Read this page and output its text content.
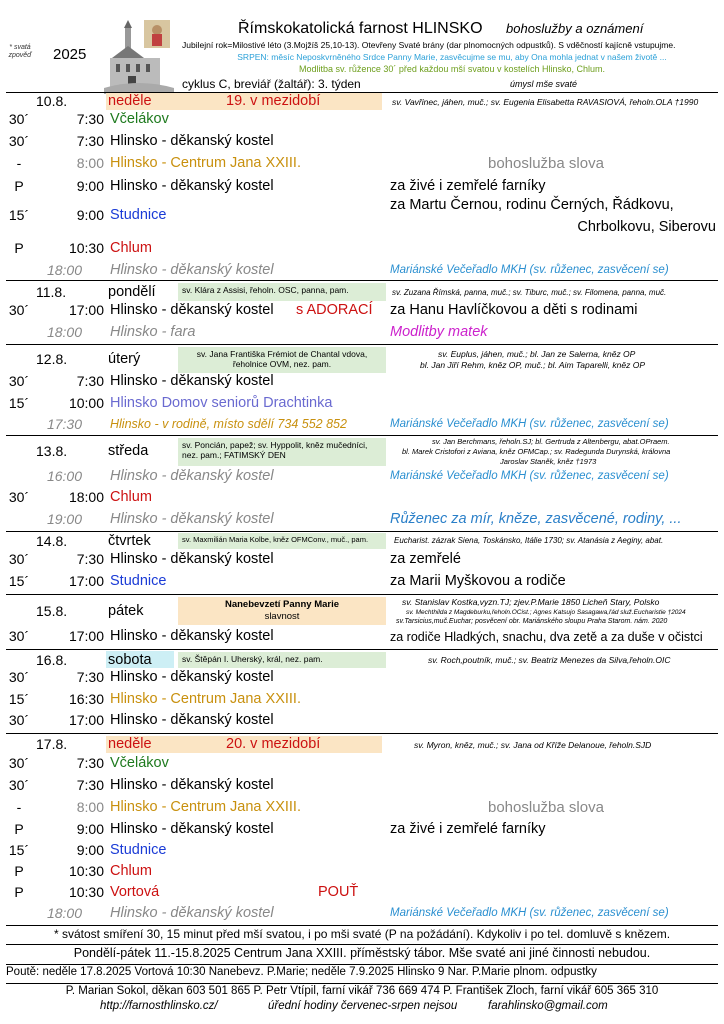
* svatá zpověď	2025
Římskokatolická farnost HLINSKO bohoslužby a oznámení
Jubilejní rok=Milostivé léto (3.Mojžíš 25,10-13). Otevřeny Svaté brány (dar plnomocných odpustků). S vděčností kajícně vstupujme.
SRPEN: měsíc Neposkvrněného Srdce Panny Marie, zasvěcujme se mu, aby Ona mohla jednat v našem životě ...
Modlitba sv. růžence 30´ před každou mší svatou v kostelích Hlinsko, Chlum.
cyklus C, breviář (žaltář): 3. týden	úmysl mše svaté
10.8.	neděle	19. v mezidobí	sv. Vavřinec, jáhen, muč.; sv. Eugenia Elisabetta RAVASIOVÁ, řeholn.OLA †1990
30´	7:30 Včelákov
30´	7:30 Hlinsko - děkanský kostel
-	8:00 Hlinsko - Centrum Jana XXIII.	bohoslužba slova
P	9:00 Hlinsko - děkanský kostel	za živé i zemřelé farníky
15´	9:00 Studnice
za Martu Černou, rodinu Černých, Řádkovu,
Chrbolkovu, Siberovu
P	10:30 Chlum
18:00 Hlinsko - děkanský kostel	Mariánské Večeřadlo MKH (sv. růženec, zasvěcení se)
11.8.	pondělí	sv. Klára z Assisi, řeholn. OSC, panna, pam.	sv. Zuzana Římská, panna, muč.; sv. Tiburc, muč.; sv. Filomena, panna, muč.
30´	17:00 Hlinsko - děkanský kostel s ADORACÍ za Hanu Havlíčkovou a děti s rodinami
18:00 Hlinsko - fara	Modlitby matek
12.8.	úterý	sv. Jana Františka Frémiot de Chantal vdova, řeholnice OVM, nez. pam.
sv. Euplus, jáhen, muč.; bl. Jan ze Salerna, kněz OP
bl. Jan Jiří Rehm, kněz OP, muč.; bl. Aim Taparelli, kněz OP
30´	7:30 Hlinsko - děkanský kostel
15´	10:00 Hlinsko Domov seniorů Drachtinka
17:30 Hlinsko - v rodině, místo sdělí 734 552 852	Mariánské Večeřadlo MKH (sv. růženec, zasvěcení se)
13.8.	středa	sv. Poncián, papež; sv. Hyppolit, kněz mučedníci, nez. pam.; FATIMSKÝ DEN
sv. Jan Berchmans, řeholn.SJ; bl. Gertruda z Altenbergu, abat.OPraem.
bl. Marek Cristofori z Aviana, kněz OFMCap.; sv. Radegunda Durynská, královna
Jaroslav Staněk, kněz †1973
16:00 Hlinsko - děkanský kostel	Mariánské Večeřadlo MKH (sv. růženec, zasvěcení se)
30´	18:00 Chlum
19:00 Hlinsko - děkanský kostel	Růženec za mír, kněze, zasvěcené, rodiny, ...
14.8.	čtvrtek	sv. Maxmilián Maria Kolbe, kněz OFMConv., muč., pam.	Eucharist. zázrak Siena, Toskánsko, Itálie 1730; sv. Atanásia z Aeginy, abat.
30´	7:30 Hlinsko - děkanský kostel	za zemřelé
15´	17:00 Studnice	za Marii Myškovou a rodiče
15.8.	pátek	Nanebevzetí Panny Marie
slavnost
sv. Stanislav Kostka,vyzn.TJ; zjev.P.Marie 1850 Licheň Stary, Polsko
sv. Mechthilda z Magdeburku,řeholn.OCist.; Agnes Katsujo Sasagawa,řád služ.Eucharistie †2024
sv.Tarsicius,muč.Euchar; posvěcení obr. Mariánského sloupu Praha Starom. nám. 2020
30´	17:00 Hlinsko - děkanský kostel	za rodiče Hladkých, snachu, dva zetě a za duše v očistci
16.8.	sobota	sv. Štěpán I. Uherský, král, nez. pam.	sv. Roch,poutník, muč.; sv. Beatriz Menezes da Silva,řeholn.OIC
30´	7:30 Hlinsko - děkanský kostel
15´	16:30 Hlinsko - Centrum Jana XXIII.
30´	17:00 Hlinsko - děkanský kostel
17.8.	neděle	20. v mezidobí	sv. Myron, kněz, muč.; sv. Jana od Kříže Delanoue, řeholn.SJD
30´	7:30 Včelákov
30´	7:30 Hlinsko - děkanský kostel
-	8:00 Hlinsko - Centrum Jana XXIII.	bohoslužba slova
P	9:00 Hlinsko - děkanský kostel	za živé i zemřelé farníky
15´	9:00 Studnice
P	10:30 Chlum
P	10:30 Vortová	POUŤ
18:00 Hlinsko - děkanský kostel	Mariánské Večeřadlo MKH (sv. růženec, zasvěcení se)
* svátost smíření 30, 15 minut před mší svatou, i po mši svaté (P na požádání). Kdykoliv i po tel. domluvě s knězem.
Pondělí-pátek 11.-15.8.2025 Centrum Jana XXIII. příměstský tábor. Mše svaté ani jiné činnosti nebudou.
Poutě: neděle 17.8.2025 Vortová 10:30 Nanebevz. P.Marie; neděle 7.9.2025 Hlinsko 9 Nar. P.Marie plnom. odpustky
P. Marian Sokol, děkan 603 501 865 P. Petr Vtípil, farní vikář 736 669 474 P. František Zloch, farní vikář 605 365 310
http://farnosthlinsko.cz/	úřední hodiny červenec-srpen nejsou	farahlinsko@gmail.com
